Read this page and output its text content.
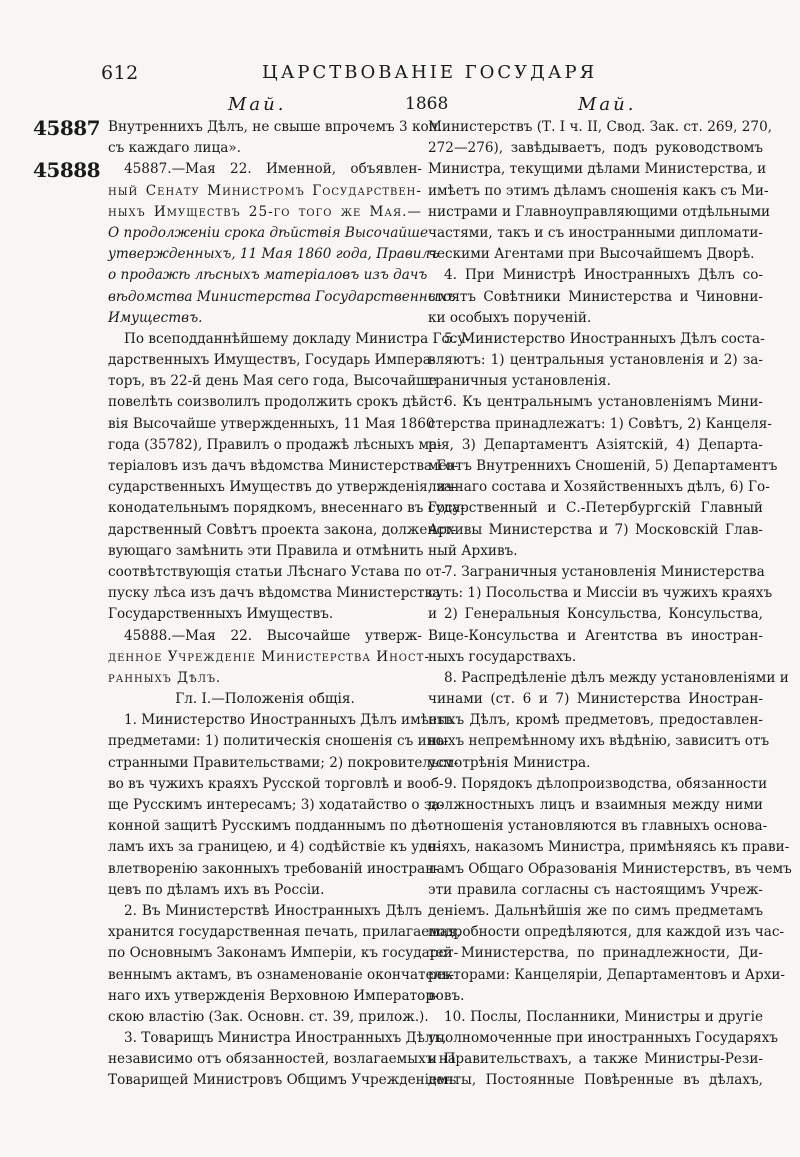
612	ЦАРСТВОВАНІЕ ГОСУДАРЯ
Май.	1868	Май.
45887
45888
Внутреннихъ Дѣлъ, не свыше впрочемъ 3 коп.
съ каждаго лица».
45887.—Мая 22. Именной, объявлен-
ный Сенату Министромъ Государствен-
ныхъ Имуществъ 25-го того же Мая.—
О продолженіи срока дѣйствія Высочайше
утвержденныхъ, 11 Мая 1860 года, Правилъ
о продажѣ лѣсныхъ матеріаловъ изъ дачъ
вѣдомства Министерства Государственныхъ
Имуществъ.
По всеподданнѣйшему докладу Министра Госу-
дарственныхъ Имуществъ, Государь Импера-
торъ, въ 22-й день Мая сего года, Высочайше
повелѣть соизволилъ продолжить срокъ дѣйст-
вія Высочайше утвержденныхъ, 11 Мая 1860
года (35782), Правилъ о продажѣ лѣсныхъ ма-
теріаловъ изъ дачъ вѣдомства Министерства Го-
сударственныхъ Имуществъ до утвержденія, за-
конодательнымъ порядкомъ, внесеннаго въ Госу-
дарственный Совѣтъ проекта закона, долженст-
вующаго замѣнить эти Правила и отмѣнить
соотвѣтствующія статьи Лѣснаго Устава по от-
пуску лѣса изъ дачъ вѣдомства Министерства
Государственныхъ Имуществъ.
45888.—Мая 22. Высочайше утверж-
денное Учрежденіе Министерства Иност-
ранныхъ Дѣлъ.
Гл. I.—Положенія общія.
1. Министерство Иностранныхъ Дѣлъ имѣетъ
предметами: 1) политическія сношенія съ ино-
странными Правительствами; 2) покровительст-
во въ чужихъ краяхъ Русской торговлѣ и вооб-
ще Русскимъ интересамъ; 3) ходатайство о за-
конной защитѣ Русскимъ подданнымъ по дѣ-
ламъ ихъ за границею, и 4) содѣйствіе къ удо-
влетворенію законныхъ требованій иностран-
цевъ по дѣламъ ихъ въ Россіи.
2. Въ Министерствѣ Иностранныхъ Дѣлъ
хранится государственная печать, прилагаемая,
по Основнымъ Законамъ Имперіи, къ государст-
веннымъ актамъ, въ ознаменованіе окончатель-
наго ихъ утвержденія Верховною Император-
скою властію (Зак. Основн. ст. 39, прилож.).
3. Товарищъ Министра Иностранныхъ Дѣлъ,
независимо отъ обязанностей, возлагаемыхъ на
Товарищей Министровъ Общимъ Учрежденіемъ
Министерствъ (Т. I ч. II, Свод. Зак. ст. 269, 270,
272—276), завѣдываетъ, подъ руководствомъ
Министра, текущими дѣлами Министерства, и
имѣетъ по этимъ дѣламъ сношенія какъ съ Ми-
нистрами и Главноуправляющими отдѣльными
частями, такъ и съ иностранными дипломати-
ческими Агентами при Высочайшемъ Дворѣ.
4. При Министрѣ Иностранныхъ Дѣлъ со-
стоятъ Совѣтники Министерства и Чиновни-
ки особыхъ порученій.
5. Министерство Иностранныхъ Дѣлъ соста-
вляютъ: 1) центральныя установленія и 2) за-
граничныя установленія.
6. Къ центральнымъ установленіямъ Мини-
стерства принадлежатъ: 1) Совѣтъ, 2) Канцеля-
рія, 3) Департаментъ Азіятскій, 4) Департа-
ментъ Внутреннихъ Сношеній, 5) Департаментъ
личнаго состава и Хозяйственныхъ дѣлъ, 6) Го-
сударственный и С.-Петербургскій Главный
Архивы Министерства и 7) Московскій Глав-
ный Архивъ.
7. Заграничныя установленія Министерства
суть: 1) Посольства и Миссіи въ чужихъ краяхъ
и 2) Генеральныя Консульства, Консульства,
Вице-Консульства и Агентства въ иностран-
ныхъ государствахъ.
8. Распредѣленіе дѣлъ между установленіями и
чинами (ст. 6 и 7) Министерства Иностран-
ныхъ Дѣлъ, кромѣ предметовъ, предоставлен-
ныхъ непремѣнному ихъ вѣдѣнію, зависитъ отъ
усмотрѣнія Министра.
9. Порядокъ дѣлопроизводства, обязанности
должностныхъ лицъ и взаимныя между ними
отношенія установляются въ главныхъ основа-
ніяхъ, наказомъ Министра, примѣняясь къ прави-
ламъ Общаго Образованія Министерствъ, въ чемъ
эти правила согласны съ настоящимъ Учреж-
деніемъ. Дальнѣйшія же по симъ предметамъ
подробности опредѣляются, для каждой изъ час-
тей Министерства, по принадлежности, Ди-
ректорами: Канцеляріи, Департаментовъ и Архи-
вовъ.
10. Послы, Посланники, Министры и другіе
уполномоченные при иностранныхъ Государяхъ
и Правительствахъ, а также Министры-Рези-
денты, Постоянные Повѣренные въ дѣлахъ,
